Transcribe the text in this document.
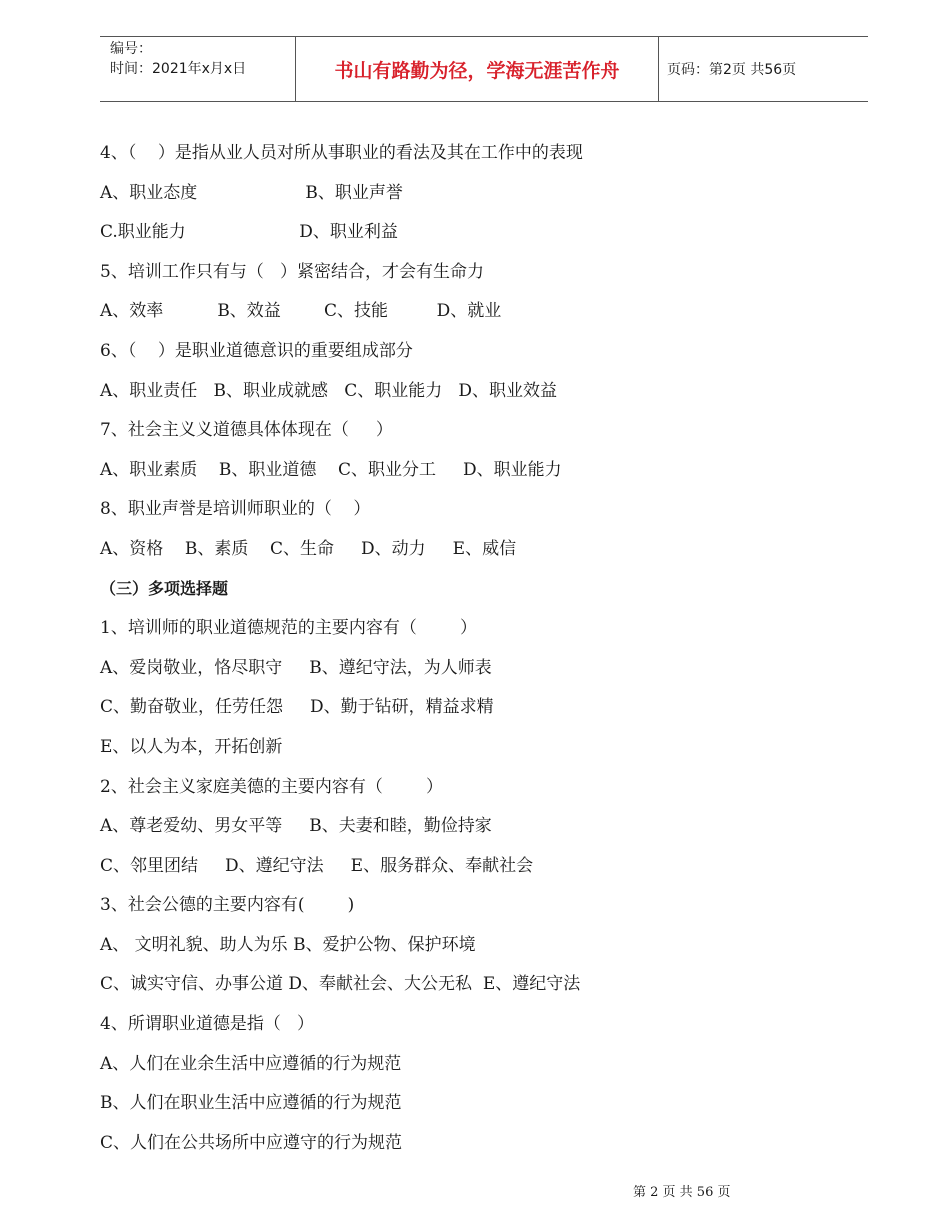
编号：
时间：2021年x月x日	书山有路勤为径，学海无涯苦作舟	页码：第2页 共56页
4、（    ）是指从业人员对所从事职业的看法及其在工作中的表现
A、职业态度                    B、职业声誉
C.职业能力                     D、职业利益
5、培训工作只有与（   ）紧密结合，才会有生命力
A、效率          B、效益        C、技能         D、就业
6、（    ）是职业道德意识的重要组成部分
A、职业责任   B、职业成就感   C、职业能力   D、职业效益
7、社会主义义道德具体体现在（     ）
A、职业素质    B、职业道德    C、职业分工     D、职业能力
8、职业声誉是培训师职业的（    ）
A、资格    B、素质    C、生命     D、动力     E、威信
（三）多项选择题
1、培训师的职业道德规范的主要内容有（        ）
A、爱岗敬业，恪尽职守     B、遵纪守法，为人师表
C、勤奋敬业，任劳任怨     D、勤于钻研，精益求精
E、以人为本，开拓创新
2、社会主义家庭美德的主要内容有（        ）
A、尊老爱幼、男女平等     B、夫妻和睦，勤俭持家
C、邻里团结     D、遵纪守法     E、服务群众、奉献社会
3、社会公德的主要内容有(        )
A、 文明礼貌、助人为乐 B、爱护公物、保护环境
C、诚实守信、办事公道 D、奉献社会、大公无私  E、遵纪守法
4、所谓职业道德是指（   ）
A、人们在业余生活中应遵循的行为规范
B、人们在职业生活中应遵循的行为规范
C、人们在公共场所中应遵守的行为规范
第 2 页 共 56 页
